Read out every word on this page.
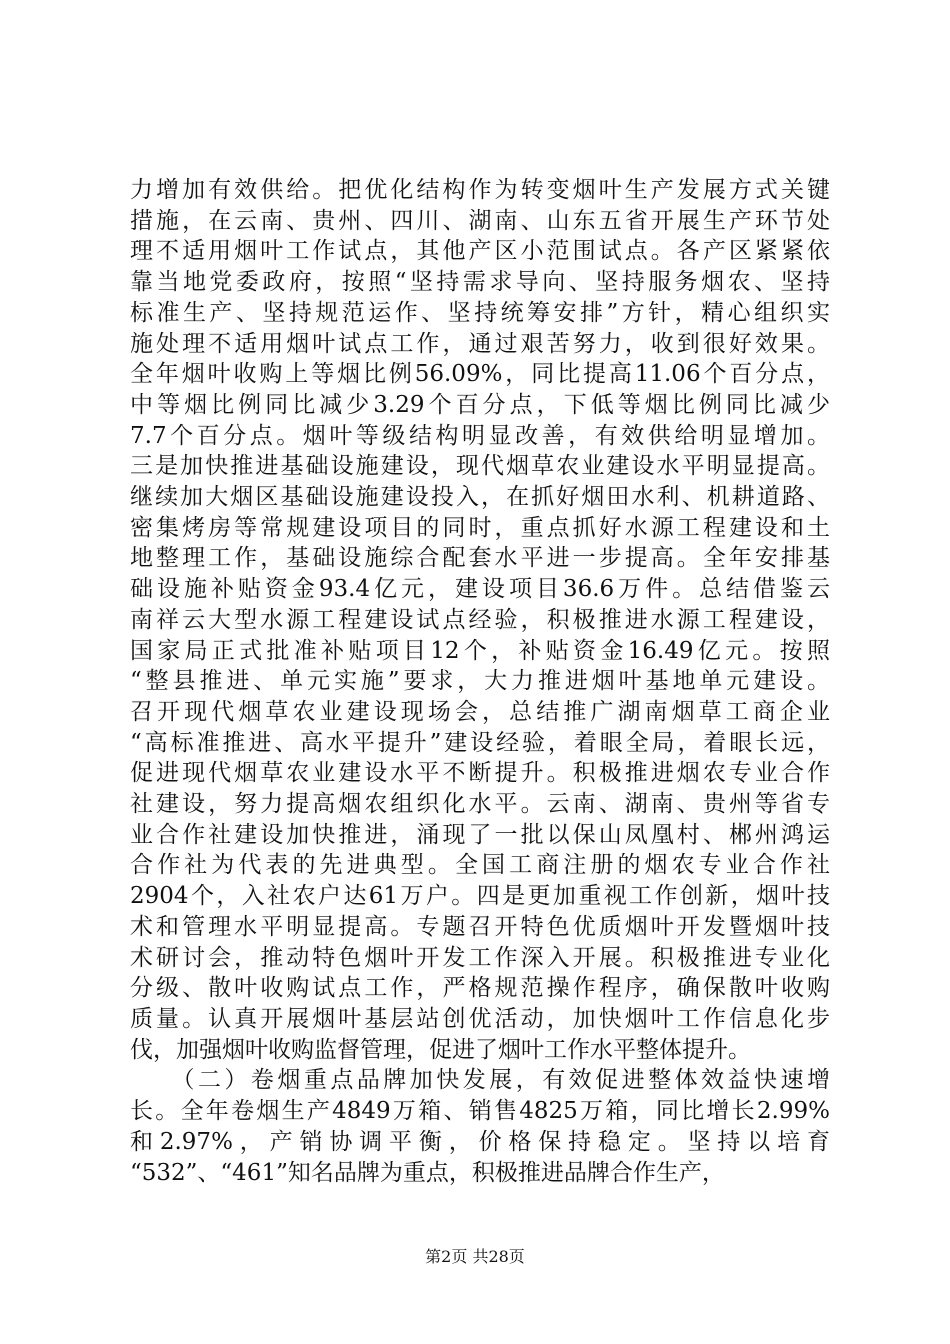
力增加有效供给。把优化结构作为转变烟叶生产发展方式关键
措施，在云南、贵州、四川、湖南、山东五省开展生产环节处
理不适用烟叶工作试点，其他产区小范围试点。各产区紧紧依
靠当地党委政府，按照“坚持需求导向、坚持服务烟农、坚持
标准生产、坚持规范运作、坚持统筹安排”方针，精心组织实
施处理不适用烟叶试点工作，通过艰苦努力，收到很好效果。
全年烟叶收购上等烟比例56.09%，同比提高11.06个百分点，
中等烟比例同比减少3.29个百分点，下低等烟比例同比减少
7.7个百分点。烟叶等级结构明显改善，有效供给明显增加。
三是加快推进基础设施建设，现代烟草农业建设水平明显提高。
继续加大烟区基础设施建设投入，在抓好烟田水利、机耕道路、
密集烤房等常规建设项目的同时，重点抓好水源工程建设和土
地整理工作，基础设施综合配套水平进一步提高。全年安排基
础设施补贴资金93.4亿元，建设项目36.6万件。总结借鉴云
南祥云大型水源工程建设试点经验，积极推进水源工程建设，
国家局正式批准补贴项目12个，补贴资金16.49亿元。按照
“整县推进、单元实施”要求，大力推进烟叶基地单元建设。
召开现代烟草农业建设现场会，总结推广湖南烟草工商企业
“高标准推进、高水平提升”建设经验，着眼全局，着眼长远，
促进现代烟草农业建设水平不断提升。积极推进烟农专业合作
社建设，努力提高烟农组织化水平。云南、湖南、贵州等省专
业合作社建设加快推进，涌现了一批以保山凤凰村、郴州鸿运
合作社为代表的先进典型。全国工商注册的烟农专业合作社
2904个，入社农户达61万户。四是更加重视工作创新，烟叶技
术和管理水平明显提高。专题召开特色优质烟叶开发暨烟叶技
术研讨会，推动特色烟叶开发工作深入开展。积极推进专业化
分级、散叶收购试点工作，严格规范操作程序，确保散叶收购
质量。认真开展烟叶基层站创优活动，加快烟叶工作信息化步
伐，加强烟叶收购监督管理，促进了烟叶工作水平整体提升。
　　（二）卷烟重点品牌加快发展，有效促进整体效益快速增
长。全年卷烟生产4849万箱、销售4825万箱，同比增长2.99%
和2.97%，产销协调平衡，价格保持稳定。坚持以培育
“532”、“461”知名品牌为重点，积极推进品牌合作生产，
第2页 共28页
